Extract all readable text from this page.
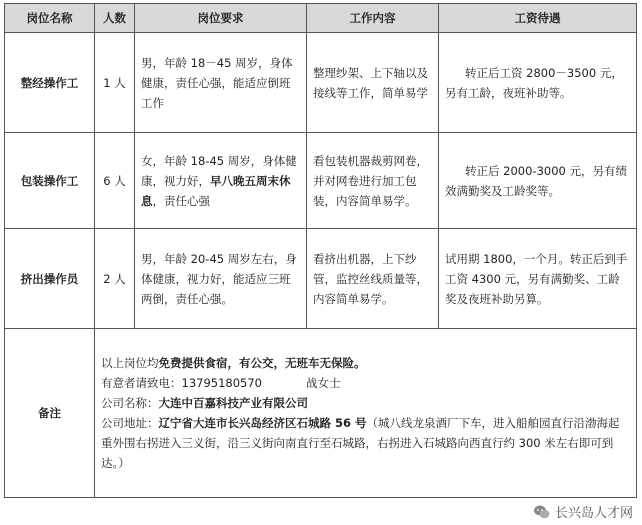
岗位名称	人数	岗位要求	工作内容	工资待遇
整经操作工	1 人	男，年龄 18－45 周岁，身体健康，责任心强，能适应倒班工作	整理纱架、上下轴以及接线等工作，简单易学	转正后工资 2800－3500 元，
另有工龄，夜班补助等。
包装操作工	6 人	女，年龄 18-45 周岁，身体健康，视力好，早八晚五周末休息，责任心强	看包装机器裁剪网卷，并对网卷进行加工包装，内容简单易学。	转正后 2000-3000 元，另有绩
效满勤奖及工龄奖等。
挤出操作员	2 人	男，年龄 20-45 周岁左右，身体健康，视力好，能适应三班两倒，责任心强。	看挤出机器，上下纱管，监控丝线质量等，内容简单易学。	试用期 1800，一个月。转正后到手工资 4300 元，另有满勤奖、工龄奖及夜班补助另算。
备注	以上岗位均免费提供食宿，有公交，无班车无保险。
有意者请致电：13795180570 战女士
公司名称：大连中百嘉科技产业有限公司
公司地址：辽宁省大连市长兴岛经济区石城路 56 号（城八线龙泉酒厂下车，进入船舶园直行沿渤海起重外围右拐进入三义街，沿三义街向南直行至石城路，右拐进入石城路向西直行约 300 米左右即可到达。）			
长兴岛人才网
